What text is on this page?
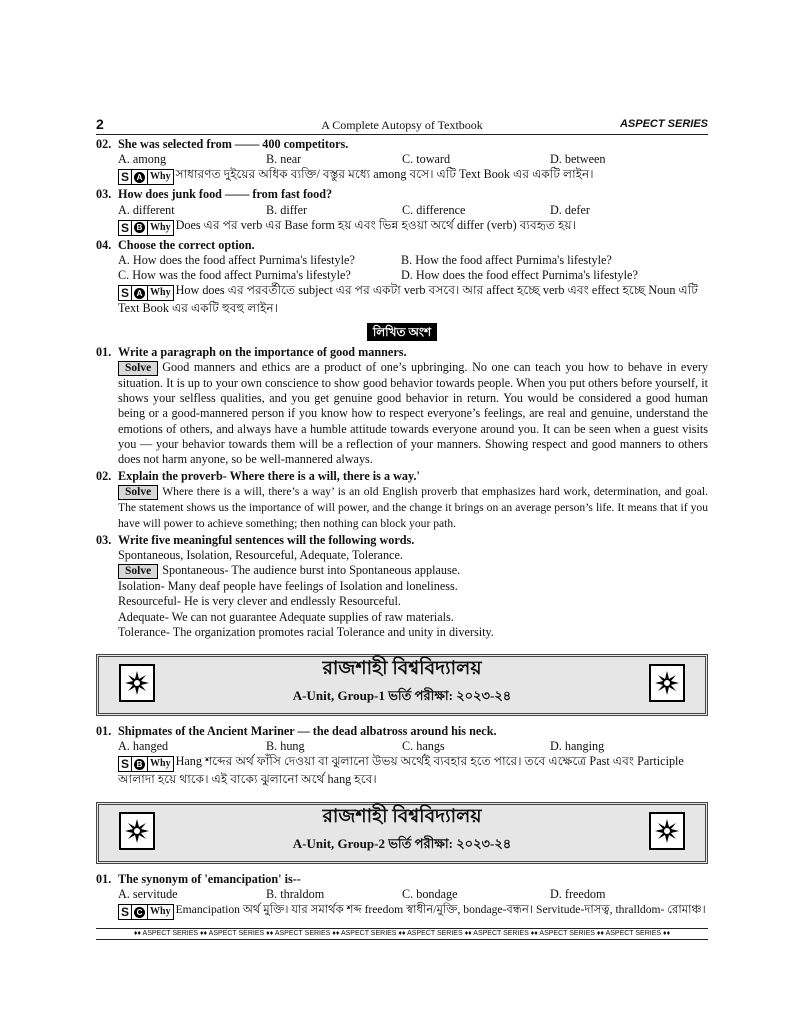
2	A Complete Autopsy of Textbook	ASPECT SERIES
02. She was selected from —— 400 competitors.
A. among	B. near	C. toward	D. between
S A Why সাধারণত দুইয়ের অধিক ব্যক্তি/ বস্তুর মধ্যে among বসে। এটি Text Book এর একটি লাইন।
03. How does junk food —— from fast food?
A. different	B. differ	C. difference	D. defer
S B Why Does এর পর verb এর Base form হয় এবং ভিন্ন হওয়া অর্থে differ (verb) ব্যবহৃত হয়।
04. Choose the correct option.
A. How does the food affect Purnima's lifestyle?	B. How the food affect Purnima's lifestyle?
C. How was the food affect Purnima's lifestyle?	D. How does the food effect Purnima's lifestyle?
S A Why How does এর পরবর্তীতে subject এর পর একটা verb বসবে। আর affect হচ্ছে verb এবং effect হচ্ছে Noun এটি Text Book এর একটি হুবহু লাইন।
লিখিত অংশ
01. Write a paragraph on the importance of good manners.
Solve Good manners and ethics are a product of one’s upbringing. No one can teach you how to behave in every situation. It is up to your own conscience to show good behavior towards people. When you put others before yourself, it shows your selfless qualities, and you get genuine good behavior in return. You would be considered a good human being or a good-mannered person if you know how to respect everyone’s feelings, are real and genuine, understand the emotions of others, and always have a humble attitude towards everyone around you. It can be seen when a guest visits you — your behavior towards them will be a reflection of your manners. Showing respect and good manners to others does not harm anyone, so be well-mannered always.
02. Explain the proverb- Where there is a will, there is a way.'
Solve Where there is a will, there’s a way’ is an old English proverb that emphasizes hard work, determination, and goal. The statement shows us the importance of will power, and the change it brings on an average person’s life. It means that if you have will power to achieve something; then nothing can block your path.
03. Write five meaningful sentences will the following words.
Spontaneous, Isolation, Resourceful, Adequate, Tolerance.
Solve Spontaneous- The audience burst into Spontaneous applause.
Isolation- Many deaf people have feelings of Isolation and loneliness.
Resourceful- He is very clever and endlessly Resourceful.
Adequate- We can not guarantee Adequate supplies of raw materials.
Tolerance- The organization promotes racial Tolerance and unity in diversity.
রাজশাহী বিশ্ববিদ্যালয়
A-Unit, Group-1 ভর্তি পরীক্ষা: ২০২৩-২৪
01. Shipmates of the Ancient Mariner — the dead albatross around his neck.
A. hanged	B. hung	C. hangs	D. hanging
S B Why Hang শব্দের অর্থ ফাঁসি দেওয়া বা ঝুলানো উভয় অর্থেই ব্যবহার হতে পারে। তবে এক্ষেত্রে Past এবং Participle আলাদা হয়ে থাকে। এই বাক্যে ঝুলানো অর্থে hang হবে।
রাজশাহী বিশ্ববিদ্যালয়
A-Unit, Group-2 ভর্তি পরীক্ষা: ২০২৩-২৪
01. The synonym of 'emancipation' is--
A. servitude	B. thraldom	C. bondage	D. freedom
S C Why Emancipation অর্থ মুক্তি। যার সমার্থক শব্দ freedom স্বাধীন/মুক্তি, bondage-বন্ধন। Servitude-দাসত্ব, thralldom- রোমাঞ্চ।
♦♦ ASPECT SERIES ♦♦ ASPECT SERIES ♦♦ ASPECT SERIES ♦♦ ASPECT SERIES ♦♦ ASPECT SERIES ♦♦ ASPECT SERIES ♦♦ ASPECT SERIES ♦♦ ASPECT SERIES ♦♦
